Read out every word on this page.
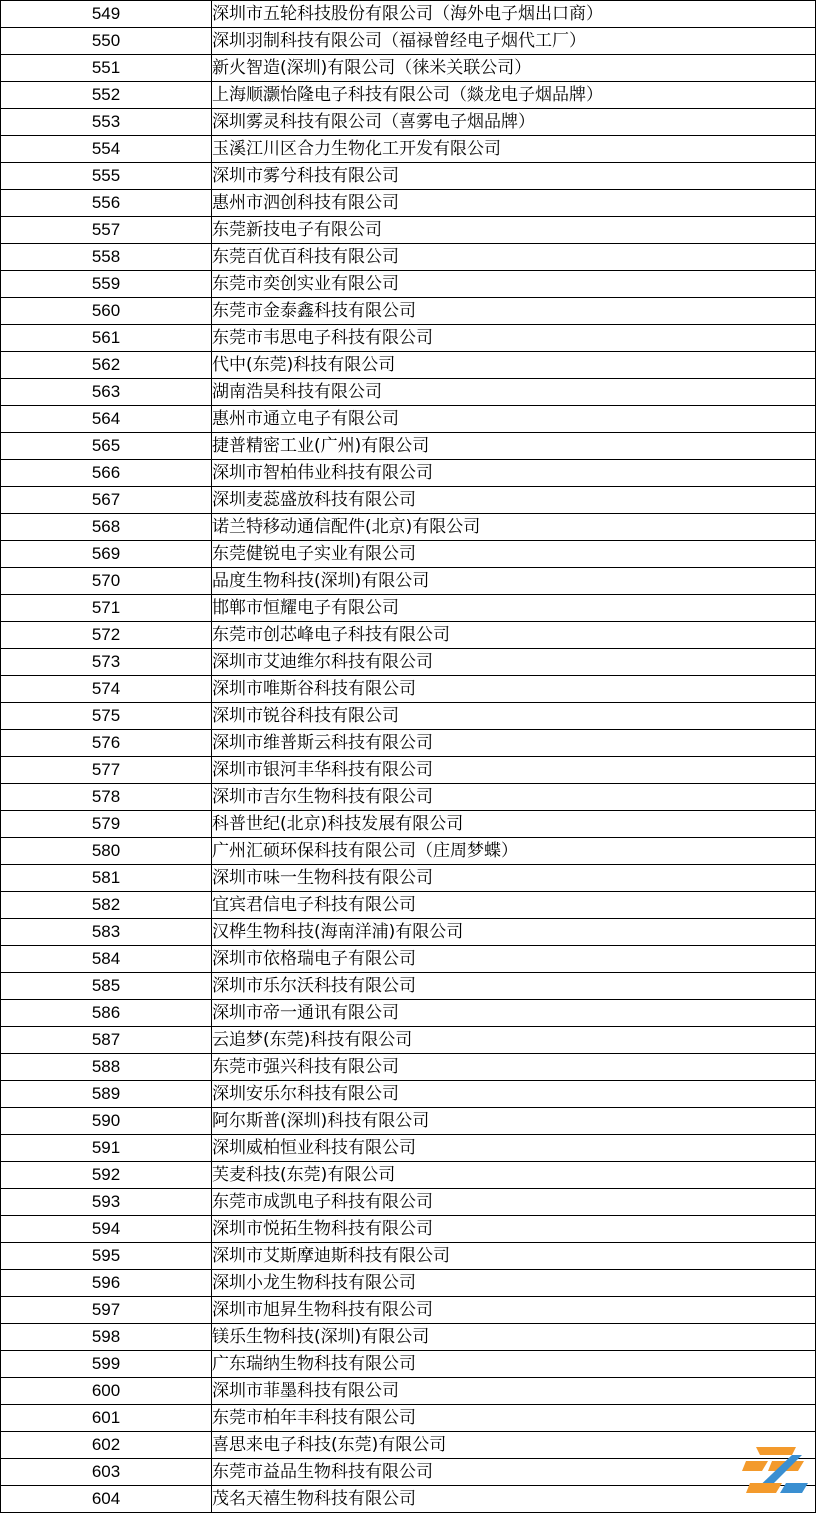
549	深圳市五轮科技股份有限公司（海外电子烟出口商）
550	深圳羽制科技有限公司（福禄曾经电子烟代工厂）
551	新火智造(深圳)有限公司（徕米关联公司）
552	上海顺灏怡隆电子科技有限公司（燚龙电子烟品牌）
553	深圳雾灵科技有限公司（喜雾电子烟品牌）
554	玉溪江川区合力生物化工开发有限公司
555	深圳市雾兮科技有限公司
556	惠州市泗创科技有限公司
557	东莞新技电子有限公司
558	东莞百优百科技有限公司
559	东莞市奕创实业有限公司
560	东莞市金泰鑫科技有限公司
561	东莞市韦思电子科技有限公司
562	代中(东莞)科技有限公司
563	湖南浩昊科技有限公司
564	惠州市通立电子有限公司
565	捷普精密工业(广州)有限公司
566	深圳市智柏伟业科技有限公司
567	深圳麦蕊盛放科技有限公司
568	诺兰特移动通信配件(北京)有限公司
569	东莞健锐电子实业有限公司
570	品度生物科技(深圳)有限公司
571	邯郸市恒耀电子有限公司
572	东莞市创芯峰电子科技有限公司
573	深圳市艾迪维尔科技有限公司
574	深圳市唯斯谷科技有限公司
575	深圳市锐谷科技有限公司
576	深圳市维普斯云科技有限公司
577	深圳市银河丰华科技有限公司
578	深圳市吉尔生物科技有限公司
579	科普世纪(北京)科技发展有限公司
580	广州汇硕环保科技有限公司（庄周梦蝶）
581	深圳市味一生物科技有限公司
582	宜宾君信电子科技有限公司
583	汉桦生物科技(海南洋浦)有限公司
584	深圳市依格瑞电子有限公司
585	深圳市乐尔沃科技有限公司
586	深圳市帝一通讯有限公司
587	云追梦(东莞)科技有限公司
588	东莞市强兴科技有限公司
589	深圳安乐尔科技有限公司
590	阿尔斯普(深圳)科技有限公司
591	深圳威柏恒业科技有限公司
592	芙麦科技(东莞)有限公司
593	东莞市成凯电子科技有限公司
594	深圳市悦拓生物科技有限公司
595	深圳市艾斯摩迪斯科技有限公司
596	深圳小龙生物科技有限公司
597	深圳市旭昇生物科技有限公司
598	镁乐生物科技(深圳)有限公司
599	广东瑞纳生物科技有限公司
600	深圳市菲墨科技有限公司
601	东莞市柏年丰科技有限公司
602	喜思来电子科技(东莞)有限公司
603	东莞市益品生物科技有限公司
604	茂名天禧生物科技有限公司
